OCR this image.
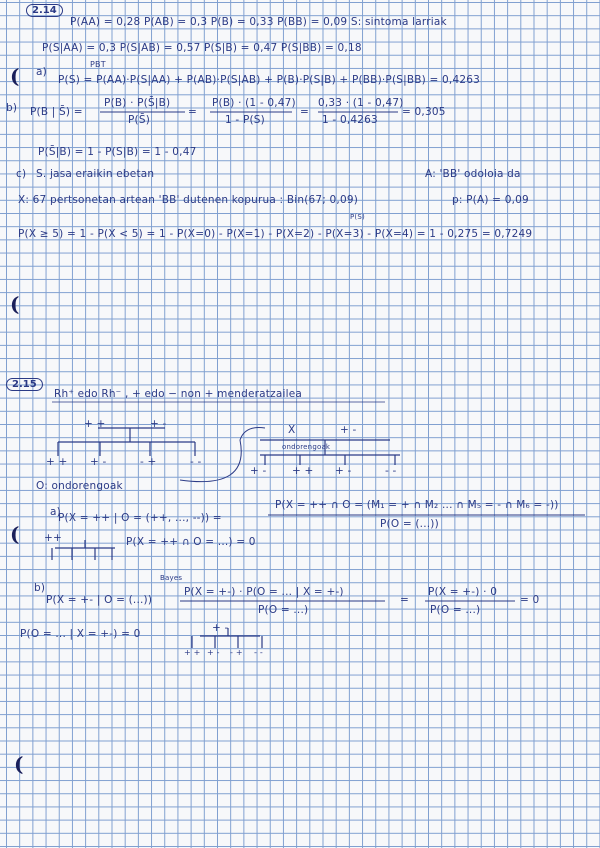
2.14
P(AA) = 0,28 P(AB) = 0,3 P(B) = 0,33 P(BB) = 0,09 S: sintoma larriak
P(S|AA) = 0,3 P(S|AB) = 0,57 P(S|B) = 0,47 P(S|BB) = 0,18
( a)
PBT
P(S) = P(AA)·P(S|AA) + P(AB)·P(S|AB) + P(B)·P(S|B) + P(BB)·P(S|BB) = 0,4263
b) P(B | S̄) =
P(B) · P(S̄|B)
P(S̄)
=
P(B) · (1 - 0,47)
1 - P(S)
=
0,33 · (1 - 0,47)
1 - 0,4263
= 0,305
P(S̄|B) = 1 - P(S|B) = 1 - 0,47
c) S. jasa eraikin ebetan	A: 'BB' odoloia da
X: 67 pertsonetan artean 'BB' dutenen kopurua : Bin(67; 0,09)	p: P(A) = 0,09
P(S)
P(X ≥ 5) = 1 - P(X < 5) = 1 - P(X=0) - P(X=1) - P(X=2) - P(X=3) - P(X=4) = 1 - 0,275 = 0,7249
(
2.15
Rh⁺ edo Rh⁻ , + edo − non + menderatzailea
+ +	+ -
+ + + -	- +	- -
X	+ -
ondorengoak
+ - + + + -	- -
O: ondorengoak
a)
P(X = ++ | O = (++, ..., --)) =
P(X = ++ ∩ O = (M₁ = + ∩ M₂ ... ∩ M₅ = - ∩ M₆ = -))
P(O = (...))
( ++	P(X = ++ ∩ O = ...) = 0
b)
Bayes
P(X = +- | O = (...))
P(X = +-) · P(O = ... | X = +-)
P(O = ...)
=
P(X = +-) · 0
P(O = ...)
= 0
P(O = ... | X = +-) = 0	+ -
+ + + - - + - -
(
